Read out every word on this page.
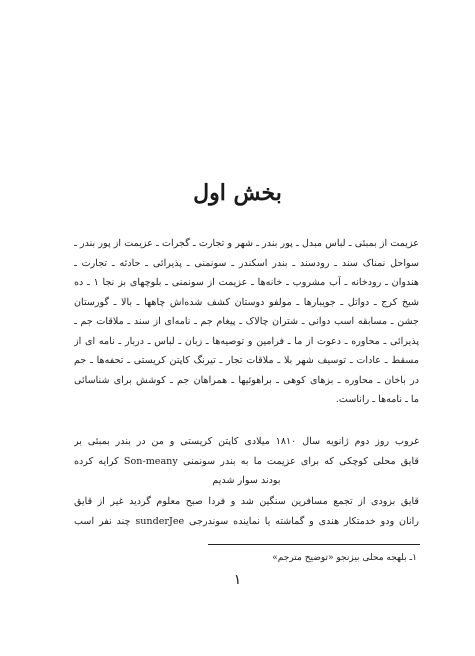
بخش اول
عزیمت از بمبئی ـ لباس مبدل ـ پور بندر ـ شهر و تجارت ـ گجرات ـ عزیمت از پور بندر ـ
سواحل نمناک سند ـ رودسند ـ بندر اسکندر ـ سونمنی ـ پذیرائی ـ حادثه ـ تجارت ـ
هندوان ـ رودخانه ـ آب مشروب ـ خانه‌ها ـ عزیمت از سونمنی ـ بلوچهای بز نجا ۱ ـ ده
شیخ کرج ـ دواتل ـ جویبارها ـ مولفو دوستان کشف شده‌اش چاهها ـ بالا ـ گورستان
جشن ـ مسابقه اسب دوانی ـ شتران چالاک ـ پیغام جم ـ نامه‌ای از سند ـ ملاقات جم ـ
پذیرائی ـ محاوره ـ دعوت از ما ـ فرامین و توصیه‌ها ـ زبان ـ لباس ـ دربار ـ نامه ای از
مسقط ـ عادات ـ توسیف شهر بلا ـ ملاقات تجار ـ تیرنگ کاپتن کریستی ـ تحفه‌ها ـ جم
در باخان ـ محاوره ـ بزهای کوهی ـ براهوئیها ـ همراهان جم ـ کوشش برای شناسائی
ما ـ نامه‌ها ـ راناست.
غروب روز دوم ژانویه سال ۱۸۱۰ میلادی کاپتن کریستی و من در بندر بمبئی بر
قایق محلی کوچکی که برای عزیمت ما به بندر سونمنی Son-meany کرایه کرده
بودند سوار شدیم
قایق بزودی از تجمع مسافرین سنگین شد و فردا صبح معلوم گردید غیر از قایق
رانان ودو خدمتکار هندی و گماشته یا نماینده سوندرجی sunderJee چند نفر اسب
۱ـ بلهجه محلی بیزنجو «توضیح مترجم»
۱
